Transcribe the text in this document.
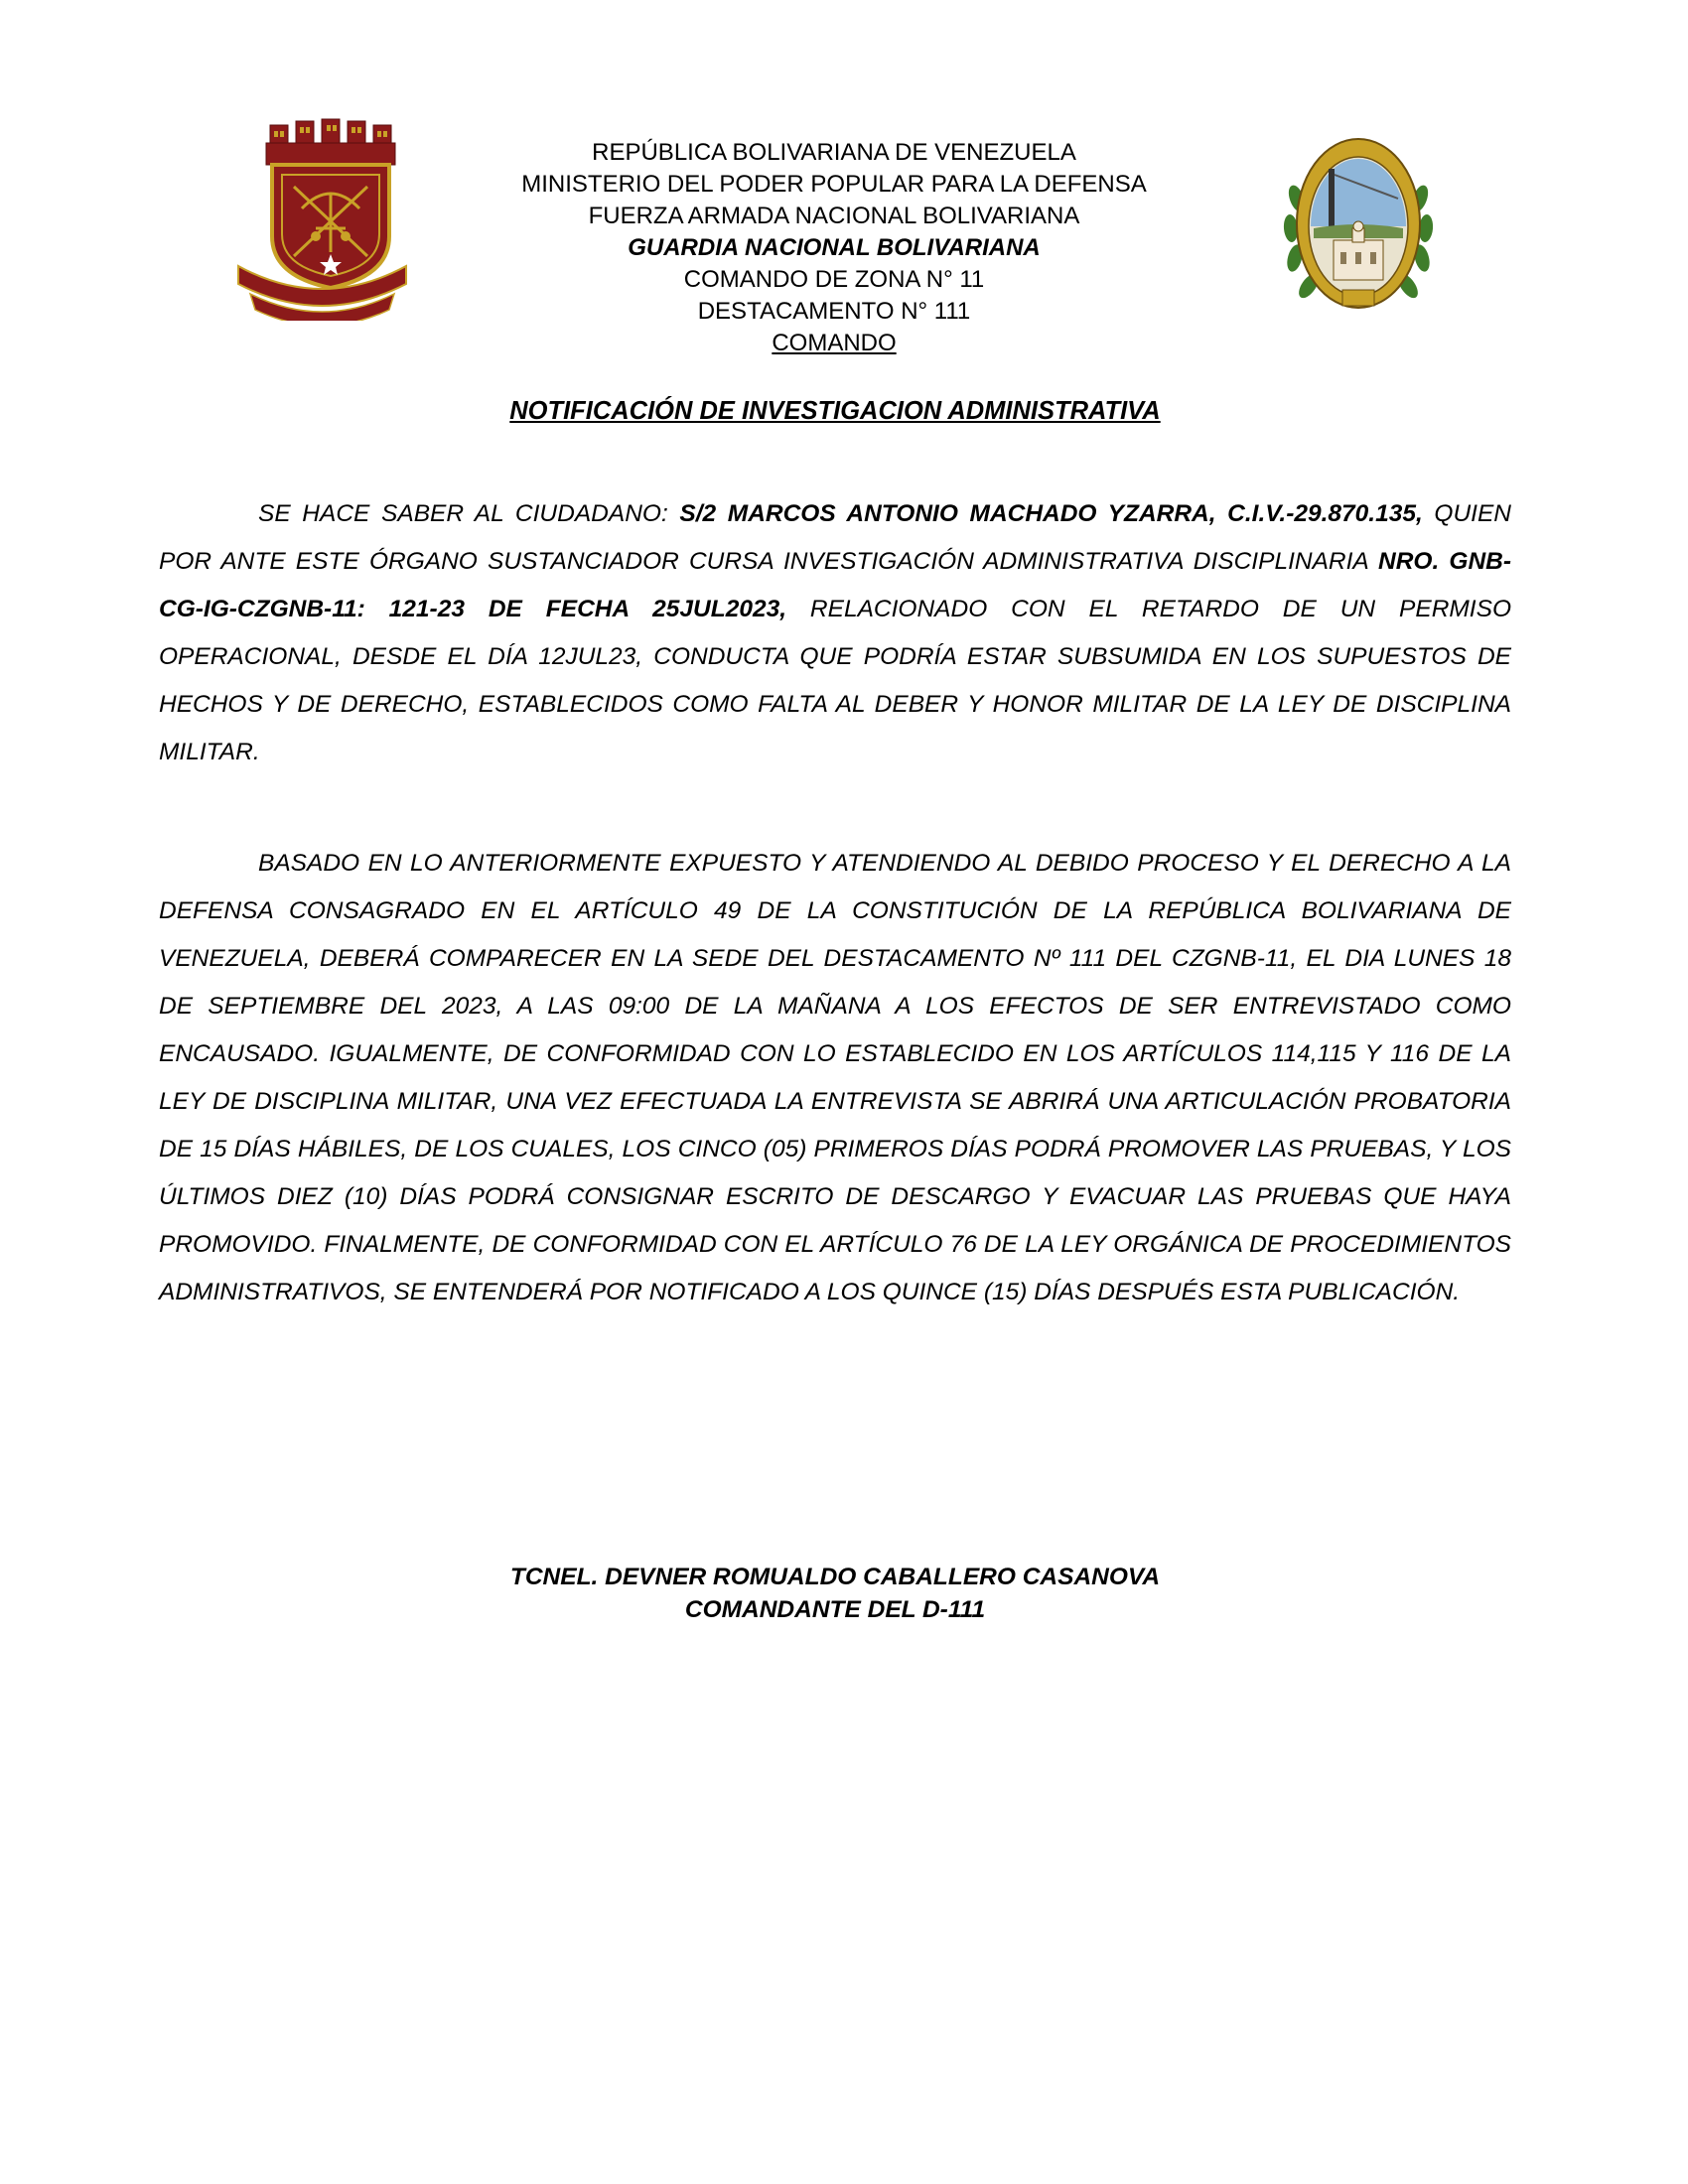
REPÚBLICA BOLIVARIANA DE VENEZUELA
MINISTERIO DEL PODER POPULAR PARA LA DEFENSA
FUERZA ARMADA NACIONAL BOLIVARIANA
GUARDIA NACIONAL BOLIVARIANA
COMANDO DE ZONA N° 11
DESTACAMENTO N° 111
COMANDO
NOTIFICACIÓN DE INVESTIGACION ADMINISTRATIVA
SE HACE SABER AL CIUDADANO: S/2 MARCOS ANTONIO MACHADO YZARRA, C.I.V.-29.870.135, QUIEN POR ANTE ESTE ÓRGANO SUSTANCIADOR CURSA INVESTIGACIÓN ADMINISTRATIVA DISCIPLINARIA NRO. GNB-CG-IG-CZGNB-11: 121-23 DE FECHA 25JUL2023, RELACIONADO CON EL RETARDO DE UN PERMISO OPERACIONAL, DESDE EL DÍA 12JUL23, CONDUCTA QUE PODRÍA ESTAR SUBSUMIDA EN LOS SUPUESTOS DE HECHOS Y DE DERECHO, ESTABLECIDOS COMO FALTA AL DEBER Y HONOR MILITAR DE LA LEY DE DISCIPLINA MILITAR.
BASADO EN LO ANTERIORMENTE EXPUESTO Y ATENDIENDO AL DEBIDO PROCESO Y EL DERECHO A LA DEFENSA CONSAGRADO EN EL ARTÍCULO 49 DE LA CONSTITUCIÓN DE LA REPÚBLICA BOLIVARIANA DE VENEZUELA, DEBERÁ COMPARECER EN LA SEDE DEL DESTACAMENTO Nº 111 DEL CZGNB-11, EL DIA LUNES 18 DE SEPTIEMBRE DEL 2023, A LAS 09:00 DE LA MAÑANA A LOS EFECTOS DE SER ENTREVISTADO COMO ENCAUSADO. IGUALMENTE, DE CONFORMIDAD CON LO ESTABLECIDO EN LOS ARTÍCULOS 114,115 Y 116 DE LA LEY DE DISCIPLINA MILITAR, UNA VEZ EFECTUADA LA ENTREVISTA SE ABRIRÁ UNA ARTICULACIÓN PROBATORIA DE 15 DÍAS HÁBILES, DE LOS CUALES, LOS CINCO (05) PRIMEROS DÍAS PODRÁ PROMOVER LAS PRUEBAS, Y LOS ÚLTIMOS DIEZ (10) DÍAS PODRÁ CONSIGNAR ESCRITO DE DESCARGO Y EVACUAR LAS PRUEBAS QUE HAYA PROMOVIDO. FINALMENTE, DE CONFORMIDAD CON EL ARTÍCULO 76 DE LA LEY ORGÁNICA DE PROCEDIMIENTOS ADMINISTRATIVOS, SE ENTENDERÁ POR NOTIFICADO A LOS QUINCE (15) DÍAS DESPUÉS ESTA PUBLICACIÓN.
TCNEL. DEVNER ROMUALDO CABALLERO CASANOVA
COMANDANTE DEL D-111
